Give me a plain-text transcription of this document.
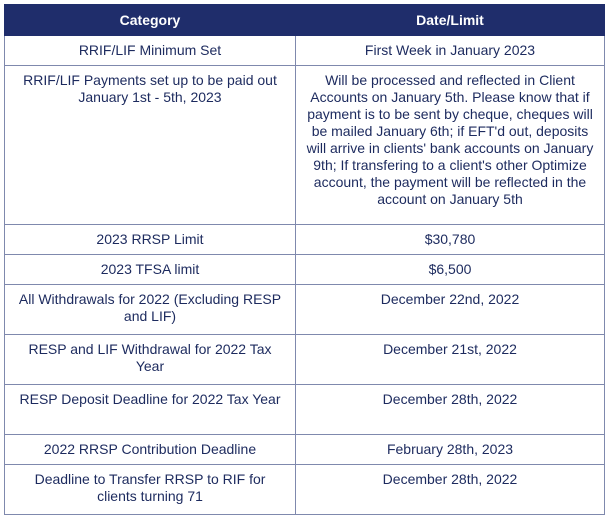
Category	Date/Limit
RRIF/LIF Minimum Set	First Week in January 2023
RRIF/LIF Payments set up to be paid out January 1st - 5th, 2023	Will be processed and reflected in Client Accounts on January 5th. Please know that if payment is to be sent by cheque, cheques will be mailed January 6th; if EFT'd out, deposits will arrive in clients' bank accounts on January 9th; If transfering to a client's other Optimize account, the payment will be reflected in the account on January 5th
2023 RRSP Limit	$30,780
2023 TFSA limit	$6,500
All Withdrawals for 2022 (Excluding RESP and LIF)	December 22nd, 2022
RESP and LIF Withdrawal for 2022 Tax Year	December 21st, 2022
RESP Deposit Deadline for 2022 Tax Year	December 28th, 2022
2022 RRSP Contribution Deadline	February 28th, 2023
Deadline to Transfer RRSP to RIF for clients turning 71	December 28th, 2022
